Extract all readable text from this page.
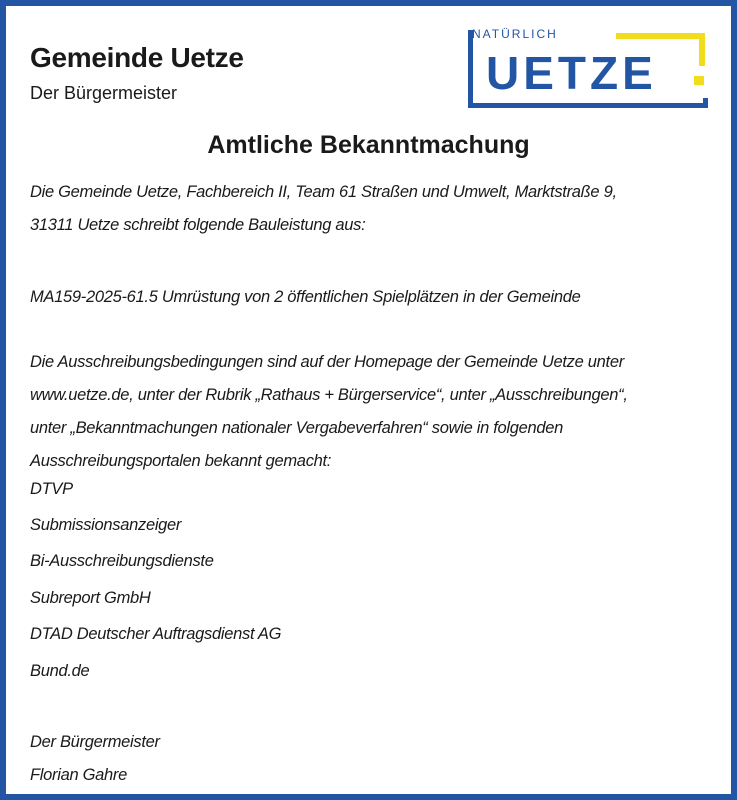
Gemeinde Uetze
Der Bürgermeister
NATÜRLICH
UETZE
Amtliche Bekanntmachung

Die Gemeinde Uetze, Fachbereich II, Team 61 Straßen und Umwelt, Marktstraße 9,
31311 Uetze schreibt folgende Bauleistung aus:

MA159-2025-61.5 Umrüstung von 2 öffentlichen Spielplätzen in der Gemeinde

Die Ausschreibungsbedingungen sind auf der Homepage der Gemeinde Uetze unter
www.uetze.de, unter der Rubrik „Rathaus + Bürgerservice“, unter „Ausschreibungen“,
unter „Bekanntmachungen nationaler Vergabeverfahren“ sowie in folgenden
Ausschreibungsportalen bekannt gemacht:

DTVP
Submissionsanzeiger
Bi-Ausschreibungsdienste
Subreport GmbH
DTAD Deutscher Auftragsdienst AG
Bund.de
Der Bürgermeister
Florian Gahre
